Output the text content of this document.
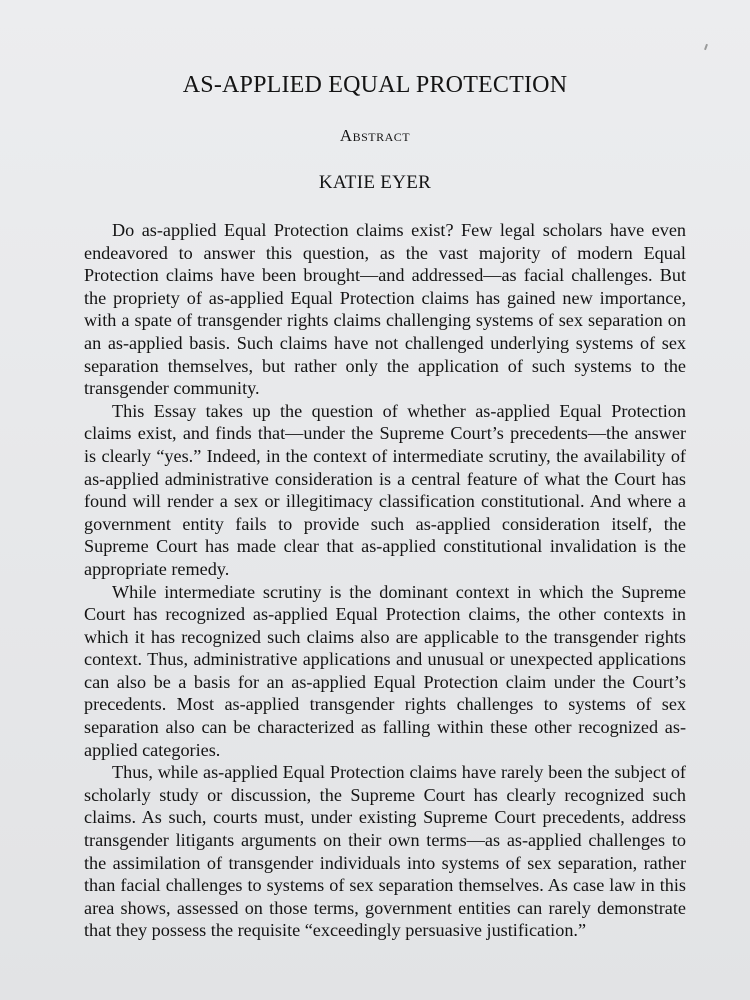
AS-APPLIED EQUAL PROTECTION
Abstract
KATIE EYER

Do as-applied Equal Protection claims exist? Few legal scholars have even endeavored to answer this question, as the vast majority of modern Equal Protection claims have been brought—and addressed—as facial challenges. But the propriety of as-applied Equal Protection claims has gained new importance, with a spate of transgender rights claims challenging systems of sex separation on an as-applied basis. Such claims have not challenged underlying systems of sex separation themselves, but rather only the application of such systems to the transgender community.

This Essay takes up the question of whether as-applied Equal Protection claims exist, and finds that—under the Supreme Court’s precedents—the answer is clearly “yes.” Indeed, in the context of intermediate scrutiny, the availability of as-applied administrative consideration is a central feature of what the Court has found will render a sex or illegitimacy classification constitutional. And where a government entity fails to provide such as-applied consideration itself, the Supreme Court has made clear that as-applied constitutional invalidation is the appropriate remedy.

While intermediate scrutiny is the dominant context in which the Supreme Court has recognized as-applied Equal Protection claims, the other contexts in which it has recognized such claims also are applicable to the transgender rights context. Thus, administrative applications and unusual or unexpected applications can also be a basis for an as-applied Equal Protection claim under the Court’s precedents. Most as-applied transgender rights challenges to systems of sex separation also can be characterized as falling within these other recognized as-applied categories.

Thus, while as-applied Equal Protection claims have rarely been the subject of scholarly study or discussion, the Supreme Court has clearly recognized such claims. As such, courts must, under existing Supreme Court precedents, address transgender litigants arguments on their own terms—as as-applied challenges to the assimilation of transgender individuals into systems of sex separation, rather than facial challenges to systems of sex separation themselves. As case law in this area shows, assessed on those terms, government entities can rarely demonstrate that they possess the requisite “exceedingly persuasive justification.”
